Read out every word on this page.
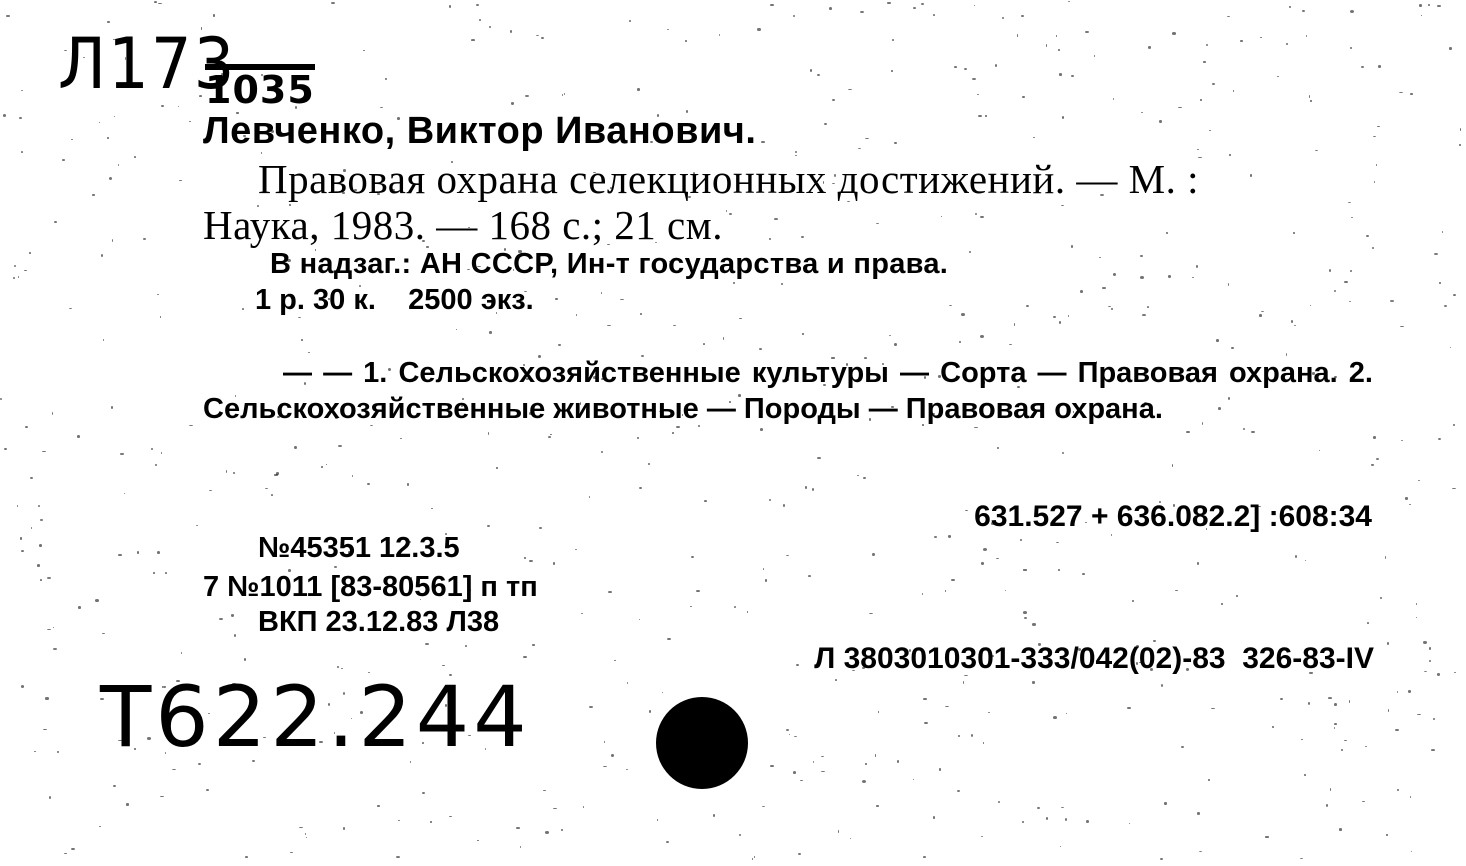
Л173
1035
Левченко, Виктор Иванович.
Правовая охрана селекционных достижений. — М. :
Наука, 1983. — 168 с.; 21 см.
В надзаг.: АН СССР, Ин-т государства и права.
1 р. 30 к.    2500 экз.
— — 1. Сельскохозяйственные культуры — Сорта — Правовая охрана. 2. Сельскохозяйственные животные — Породы — Правовая охрана.
631.527 + 636.082.2] :608:34
№45351 12.3.5
7 №1011 [83-80561] п тп
ВКП 23.12.83 Л38
Л 3803010301-333/042(02)-83  326-83-IV
Т622.244
